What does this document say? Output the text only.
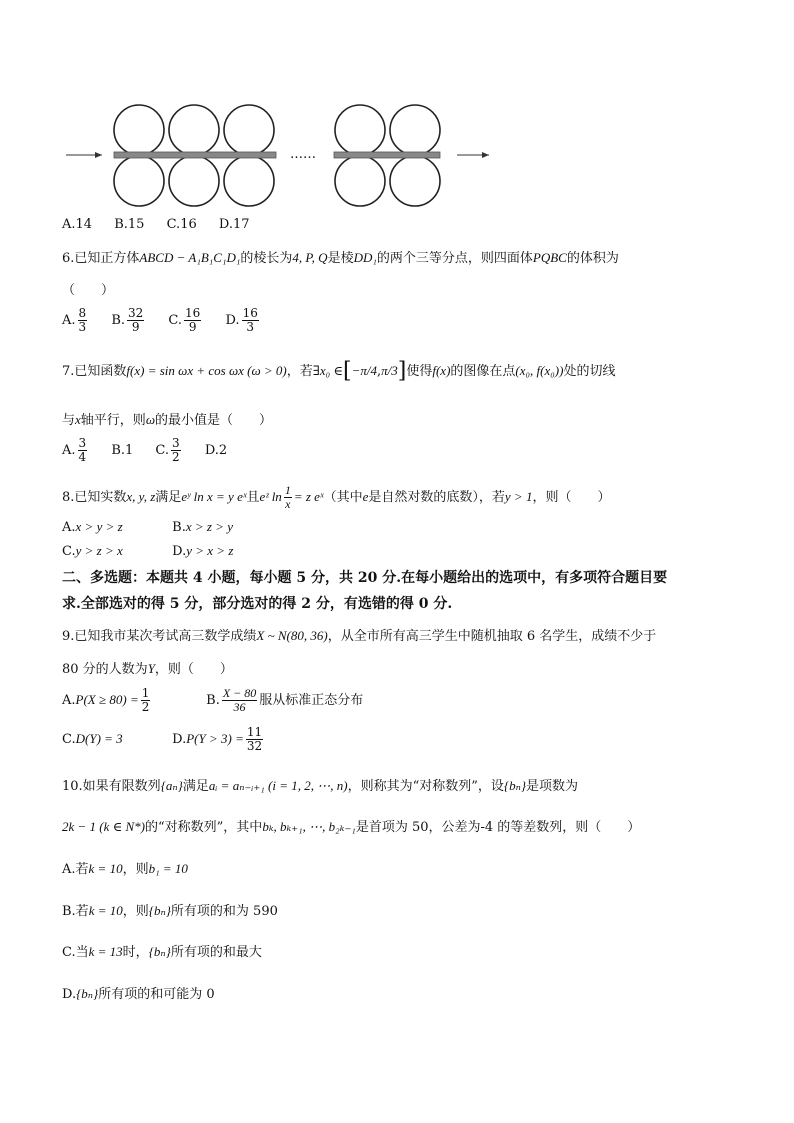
……
A.14 B.15 C.16 D.17
6.已知正方体ABCD − A₁B₁C₁D₁的棱长为4, P, Q是棱DD₁的两个三等分点，则四面体PQBC的体积为
（　　）
A. $\frac{8}{3} B$. $\frac{32}{9} C$. $\frac{16}{9} D$. $\frac{16}{3}$
7.已知函数f(x) = sin ωx + cos ωx (ω > 0)，若∃x₀ ∈[−π/4,π/3]使得f(x)的图像在点(x₀, f(x₀))处的切线
与x轴平行，则ω的最小值是（　　）
A. $\frac{3}{4} B.1$ C. $\frac{3}{2} D.2$
8.已知实数x, y, z满足eʸ ln x = y eˣ且eᶻ $\ln \frac{1}{x} = z$ eˣ（其中e是自然对数的底数），若y > 1，则（　　）
A.x > y > z	B.x > z > y
C.y > z > x	D.y > x > z
二、多选题：本题共 4 小题，每小题 5 分，共 20 分.在每小题给出的选项中，有多项符合题目要
求.全部选对的得 5 分，部分选对的得 2 分，有选错的得 0 分.
9.已知我市某次考试高三数学成绩X ~ N(80, 36)，从全市所有高三学生中随机抽取 6 名学生，成绩不少于
80 分的人数为Y，则（　　）
$A.P(X \ge 80) = \frac{1}{2}$	B. $\frac{X - 80}{36}$ 服从标准正态分布
C.D(Y) = 3	$D.P(Y > 3) = \frac{11}{32}$
10.如果有限数列{aₙ}满足aᵢ = aₙ₋ᵢ₊₁ (i = 1, 2, ⋯, n)，则称其为“对称数列”，设{bₙ}是项数为
2k − 1 (k ∈ N*)的“对称数列”，其中bₖ, bₖ₊₁, ⋯, b₂ₖ₋₁是首项为 50，公差为-4 的等差数列，则（　　）
A.若k = 10，则b₁ = 10
B.若k = 10，则{bₙ}所有项的和为 590
C.当k = 13时，{bₙ}所有项的和最大
D.{bₙ}所有项的和可能为 0
